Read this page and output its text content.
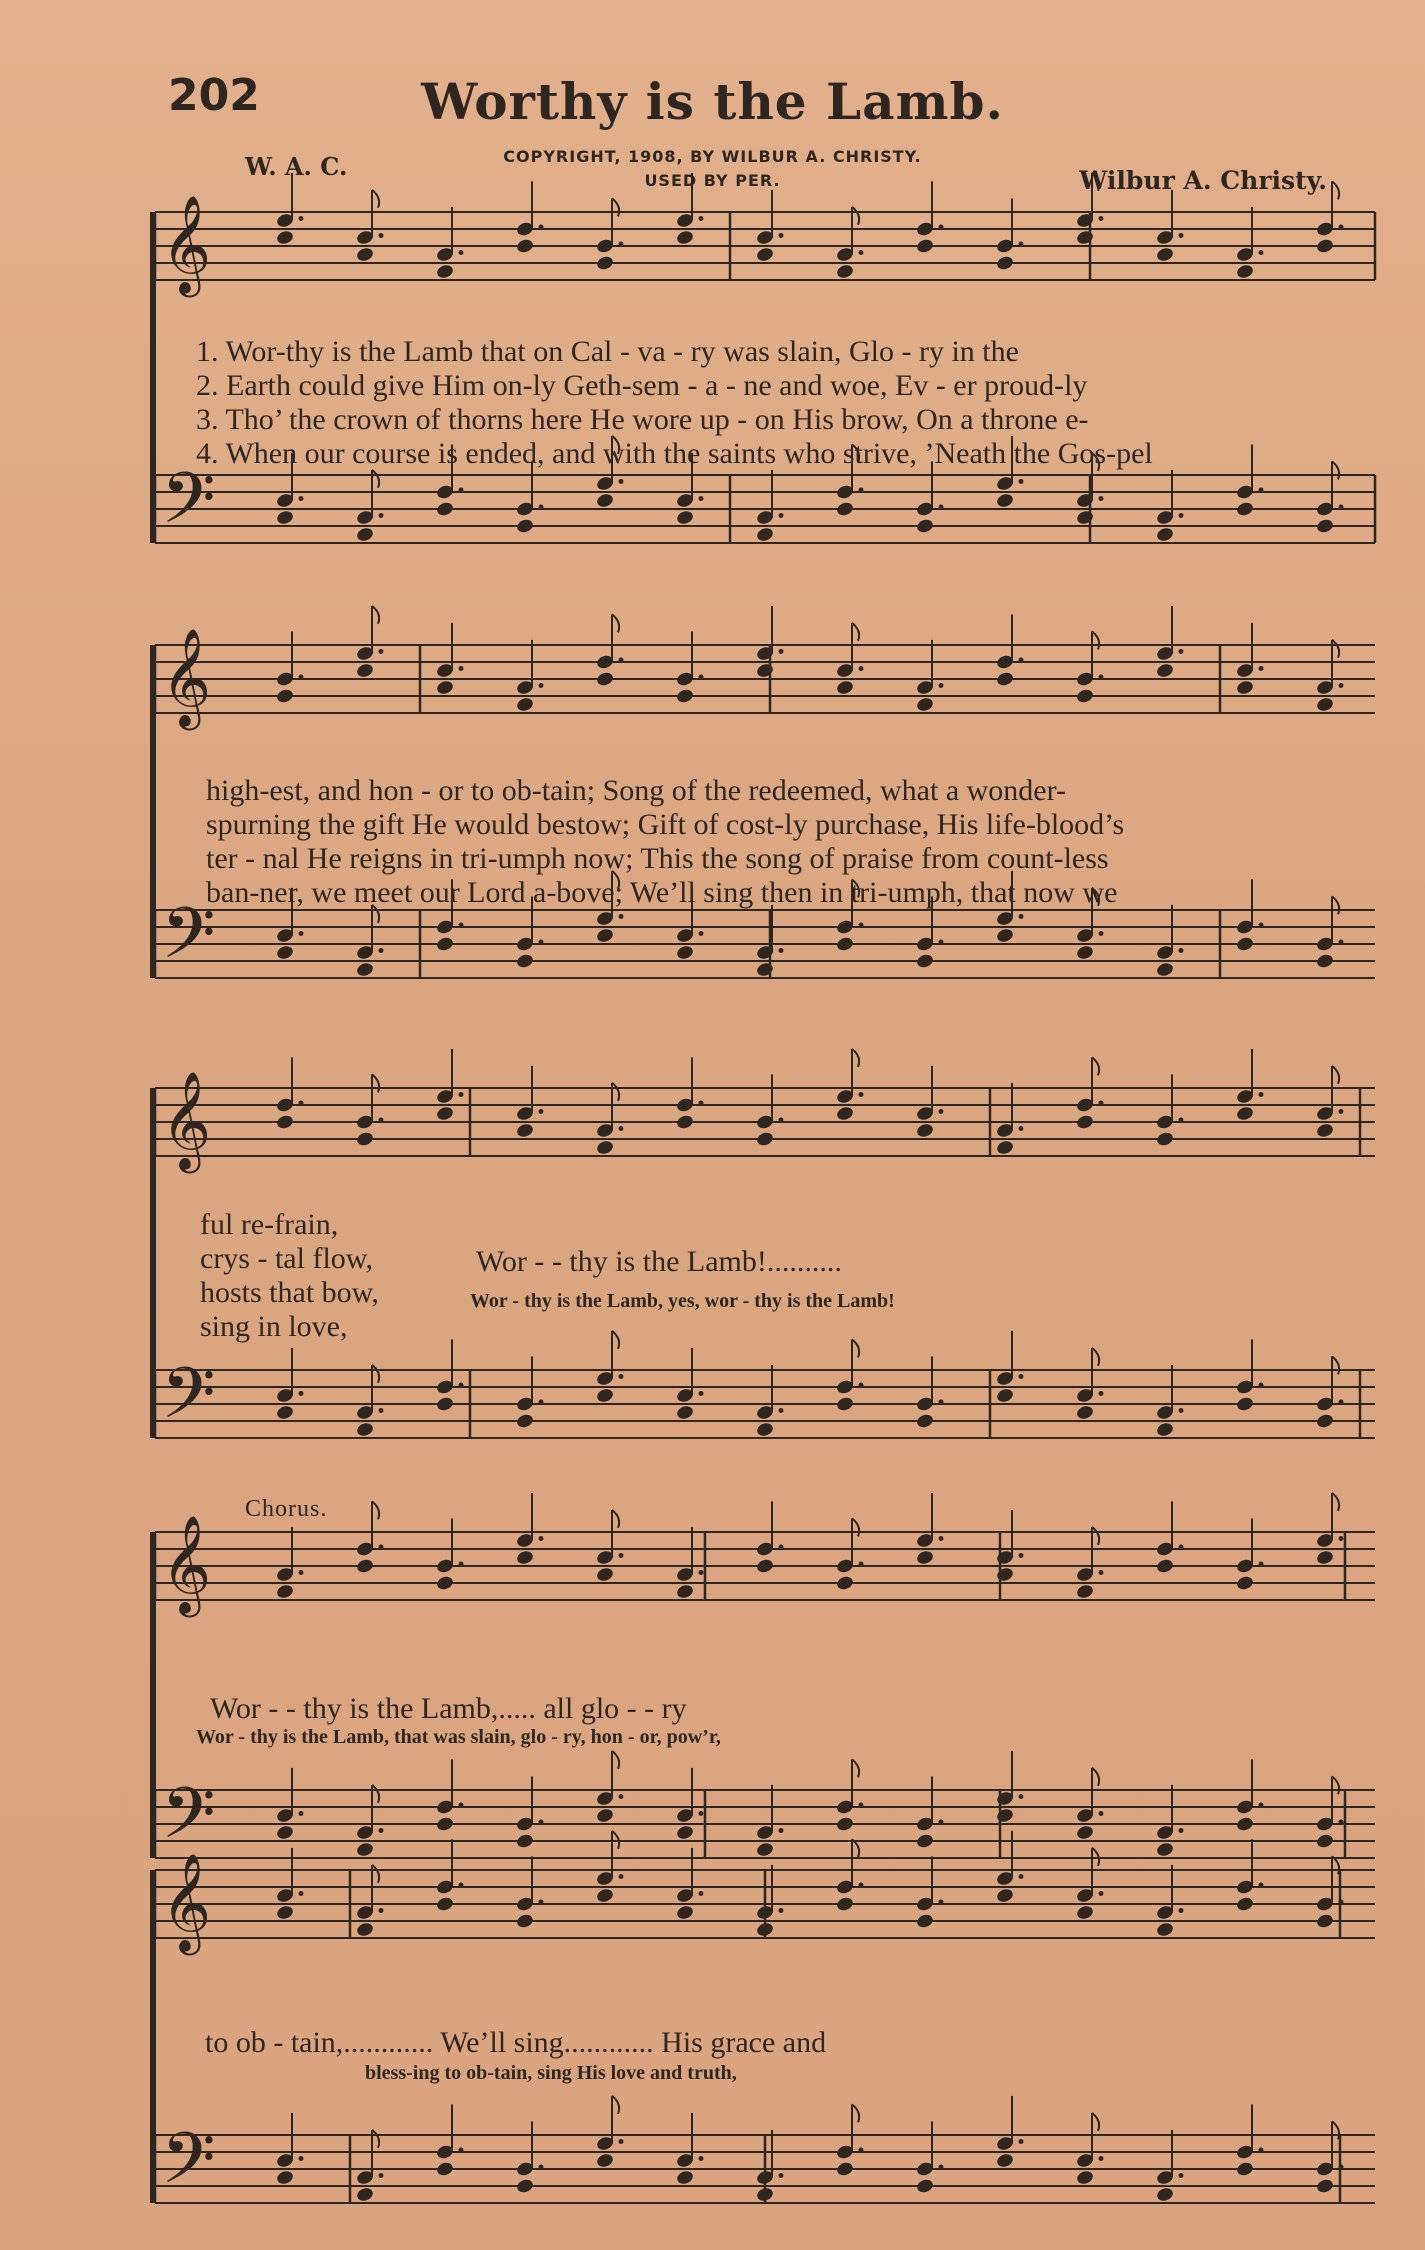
202	Worthy is the Lamb.
COPYRIGHT, 1908, BY WILBUR A. CHRISTY.
USED BY PER.
W. A. C.	Wilbur A. Christy.
𝄞
𝄢
𝄞
𝄢
𝄞
𝄢
𝄞
𝄢
𝄞
𝄢
1. Wor-thy is the Lamb that on Cal - va - ry was slain, Glo - ry in the
2. Earth could give Him on-ly Geth-sem - a - ne and woe, Ev - er proud-ly
3. Tho’ the crown of thorns here He wore up - on His brow, On a throne e-
4. When our course is ended, and with the saints who strive, ’Neath the Gos-pel
high-est, and hon - or to ob-tain; Song of the redeemed, what a wonder-
spurning the gift He would bestow; Gift of cost-ly purchase, His life-blood’s
ter - nal He reigns in tri-umph now; This the song of praise from count-less
ban-ner, we meet our Lord a-bove; We’ll sing then in tri-umph, that now we
ful re-frain,
crys - tal flow,
hosts that bow,
sing in love,
Wor - - thy is the Lamb!..........
Wor - thy is the Lamb, yes, wor - thy is the Lamb!
Chorus.
Wor - - thy is the Lamb,..... all glo - - ry
Wor - thy is the Lamb, that was slain, glo - ry, hon - or, pow’r,
to ob - tain,............ We’ll sing............ His grace and
bless-ing to ob-tain, sing His love and truth,
